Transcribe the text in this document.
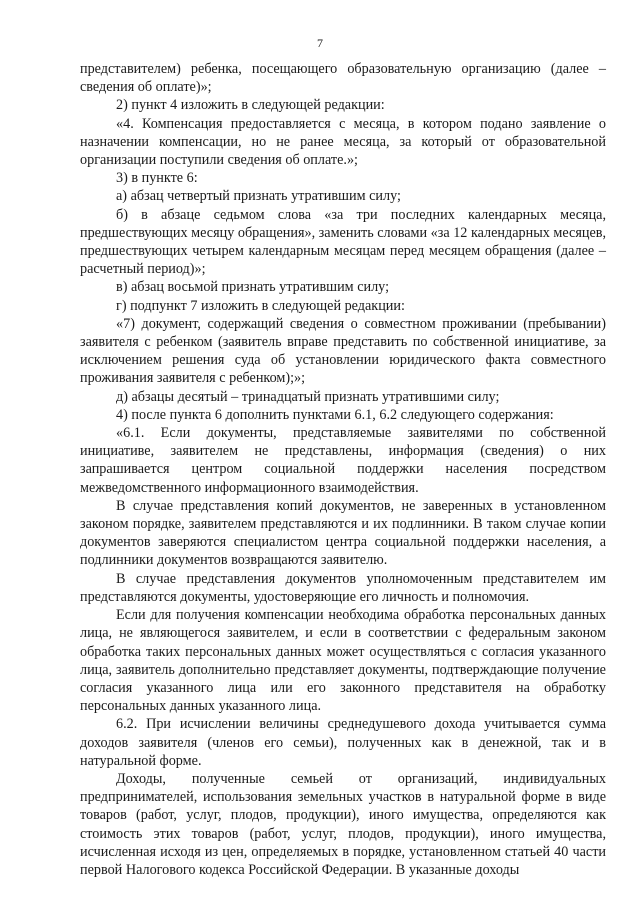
7

представителем) ребенка, посещающего образовательную организацию (далее – сведения об оплате)»;

2) пункт 4 изложить в следующей редакции:

«4. Компенсация предоставляется с месяца, в котором подано заявление о назначении компенсации, но не ранее месяца, за который от образовательной организации поступили сведения об оплате.»;

3) в пункте 6:

а) абзац четвертый признать утратившим силу;

б) в абзаце седьмом слова «за три последних календарных месяца, предшествующих месяцу обращения», заменить словами «за 12 календарных месяцев, предшествующих четырем календарным месяцам перед месяцем обращения (далее – расчетный период)»;

в) абзац восьмой признать утратившим силу;

г) подпункт 7 изложить в следующей редакции:

«7) документ, содержащий сведения о совместном проживании (пребывании) заявителя с ребенком (заявитель вправе представить по собственной инициативе, за исключением решения суда об установлении юридического факта совместного проживания заявителя с ребенком);»;

д) абзацы десятый – тринадцатый признать утратившими силу;

4) после пункта 6 дополнить пунктами 6.1, 6.2 следующего содержания:

«6.1. Если документы, представляемые заявителями по собственной инициативе, заявителем не представлены, информация (сведения) о них запрашивается центром социальной поддержки населения посредством межведомственного информационного взаимодействия.

В случае представления копий документов, не заверенных в установленном законом порядке, заявителем представляются и их подлинники. В таком случае копии документов заверяются специалистом центра социальной поддержки населения, а подлинники документов возвращаются заявителю.

В случае представления документов уполномоченным представителем им представляются документы, удостоверяющие его личность и полномочия.

Если для получения компенсации необходима обработка персональных данных лица, не являющегося заявителем, и если в соответствии с федеральным законом обработка таких персональных данных может осуществляться с согласия указанного лица, заявитель дополнительно представляет документы, подтверждающие получение согласия указанного лица или его законного представителя на обработку персональных данных указанного лица.

6.2. При исчислении величины среднедушевого дохода учитывается сумма доходов заявителя (членов его семьи), полученных как в денежной, так и в натуральной форме.

Доходы, полученные семьей от организаций, индивидуальных предпринимателей, использования земельных участков в натуральной форме в виде товаров (работ, услуг, плодов, продукции), иного имущества, определяются как стоимость этих товаров (работ, услуг, плодов, продукции), иного имущества, исчисленная исходя из цен, определяемых в порядке, установленном статьей 40 части первой Налогового кодекса Российской Федерации. В указанные доходы
